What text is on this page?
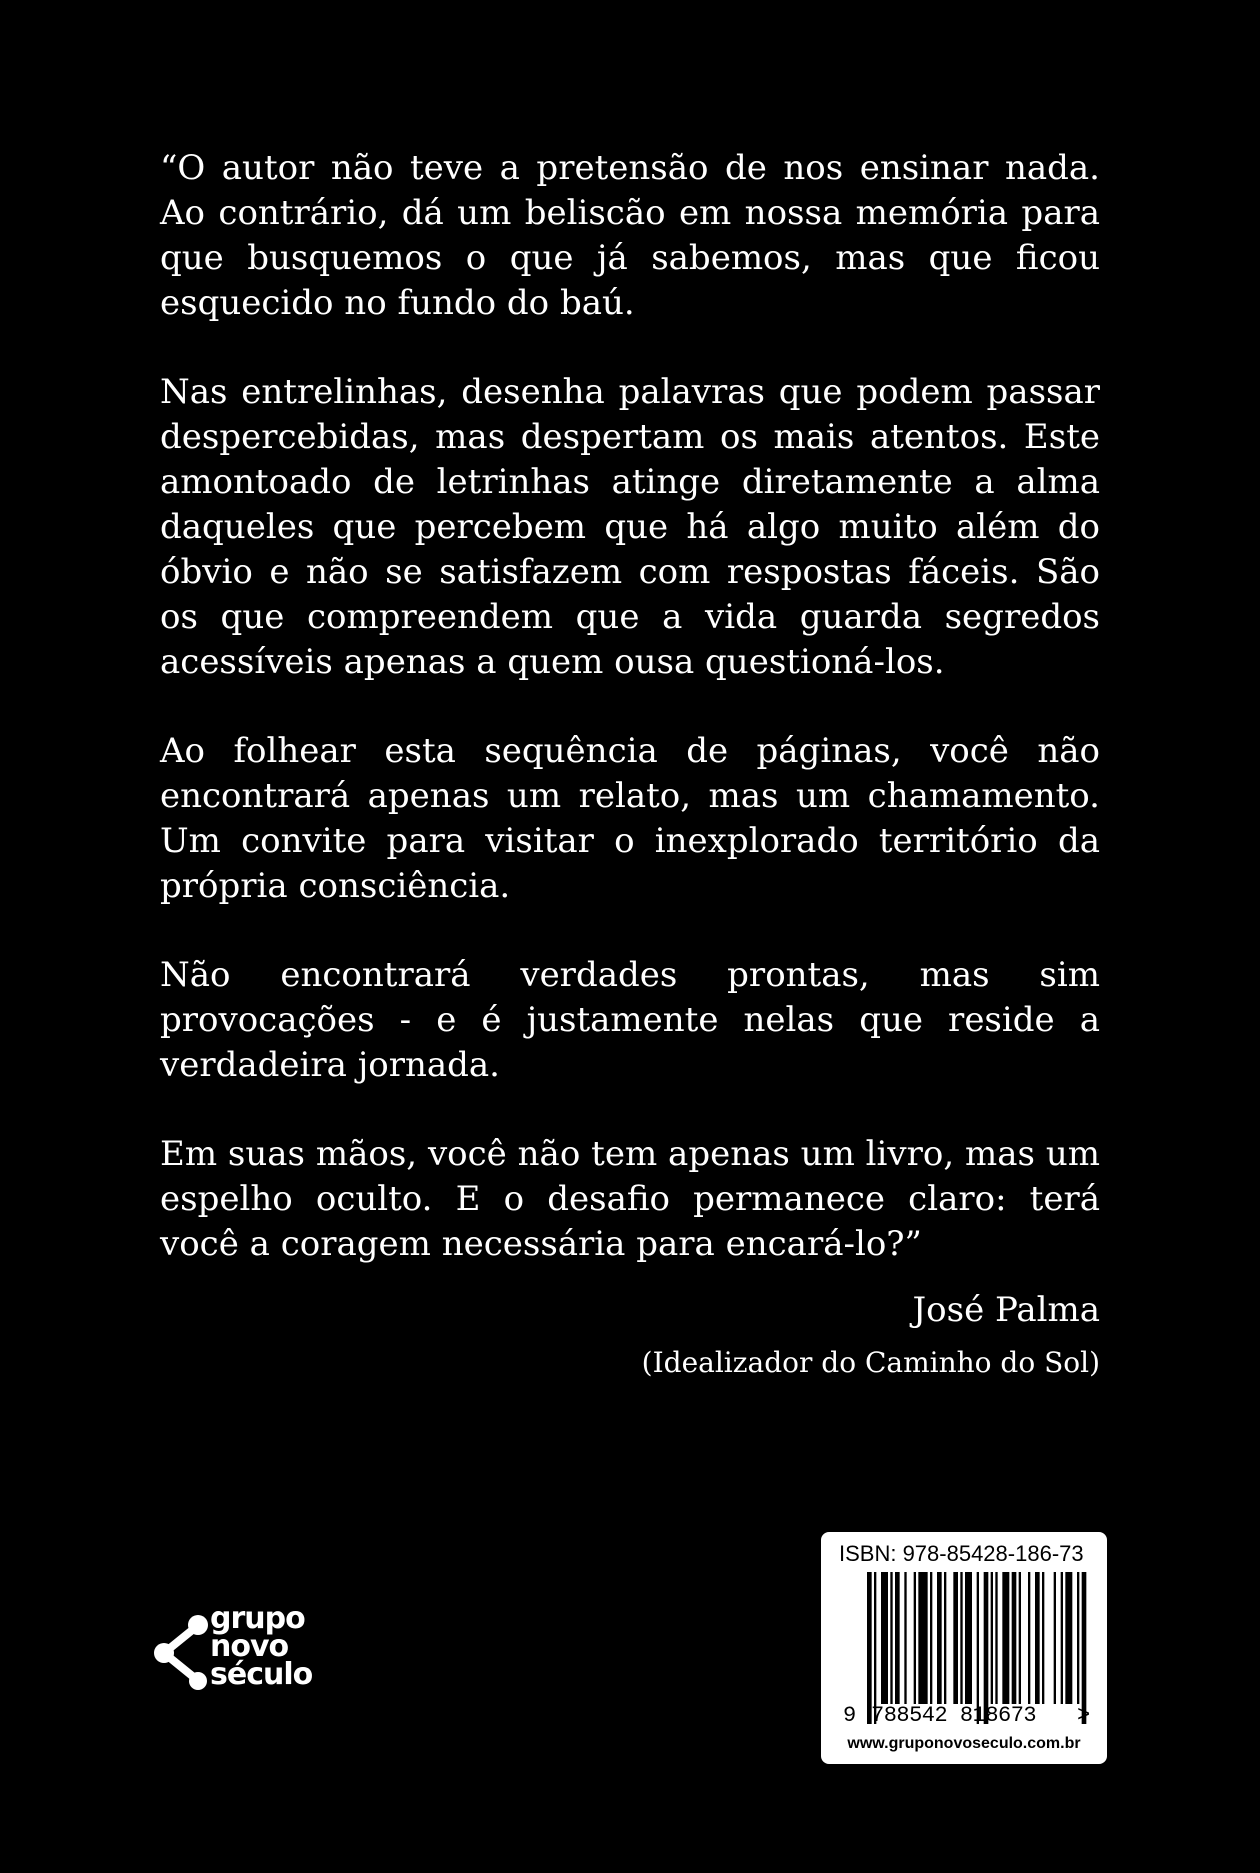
“O autor não teve a pretensão de nos ensinar nada. Ao contrário, dá um beliscão em nossa memória para que busquemos o que já sabemos, mas que ficou esquecido no fundo do baú.

Nas entrelinhas, desenha palavras que podem passar despercebidas, mas despertam os mais atentos. Este amontoado de letrinhas atinge diretamente a alma daqueles que percebem que há algo muito além do óbvio e não se satisfazem com respostas fáceis. São os que compreendem que a vida guarda segredos acessíveis apenas a quem ousa questioná-los.

Ao folhear esta sequência de páginas, você não encontrará apenas um relato, mas um chamamento. Um convite para visitar o inexplorado território da própria consciência.

Não encontrará verdades prontas, mas sim provocações - e é justamente nelas que reside a verdadeira jornada.

Em suas mãos, você não tem apenas um livro, mas um espelho oculto. E o desafio permanece claro: terá você a coragem necessária para encará-lo?”

José Palma
(Idealizador do Caminho do Sol)
grupo
novo
século
ISBN: 978-85428-186-73
9 788542 818673 >
www.gruponovoseculo.com.br
